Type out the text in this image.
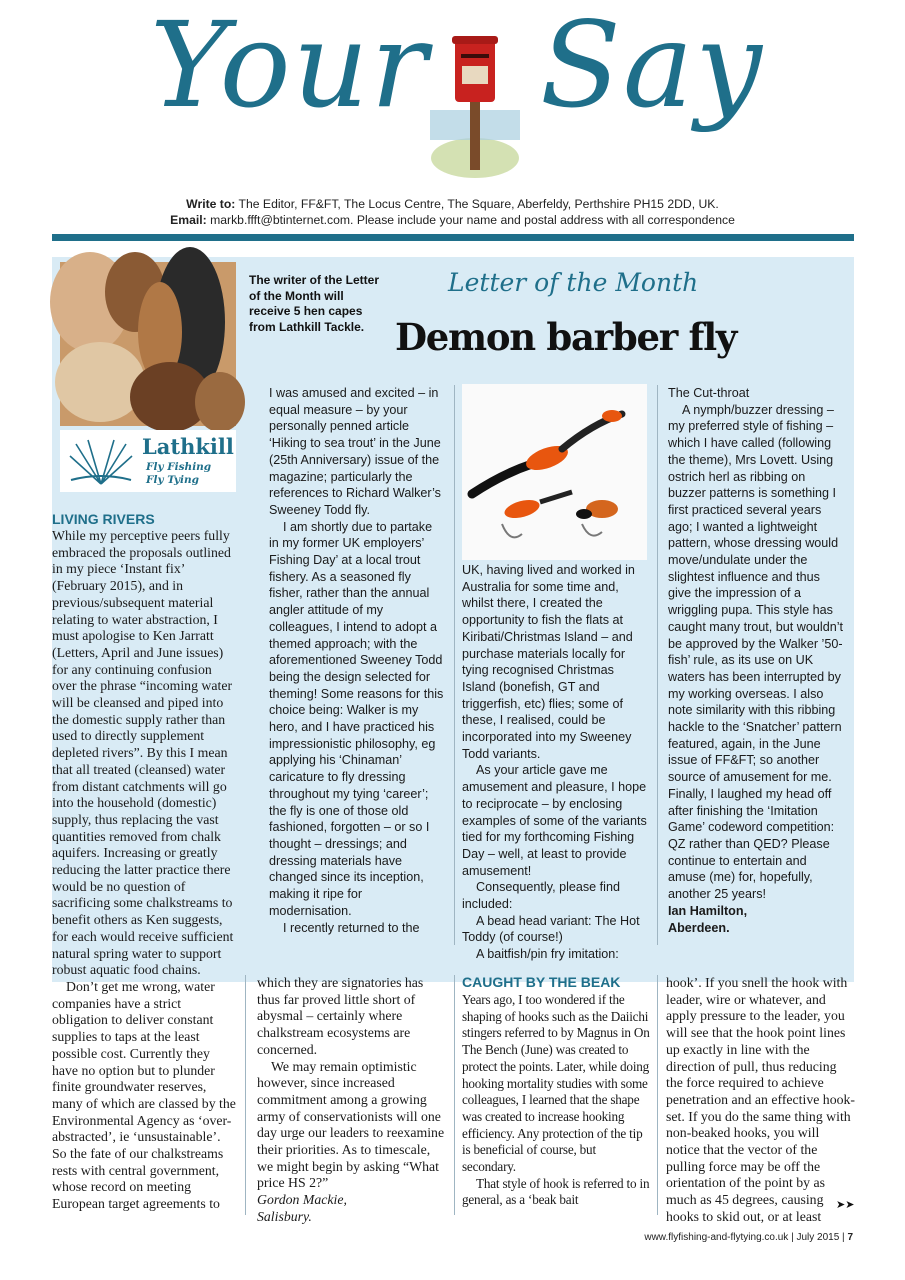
Your Say
Write to: The Editor, FF&FT, The Locus Centre, The Square, Aberfeldy, Perthshire PH15 2DD, UK.
Email: markb.ffft@btinternet.com. Please include your name and postal address with all correspondence
Lathkill
Fly Fishing
Fly Tying
The writer of the Letter of the Month will receive 5 hen capes from Lathkill Tackle.
Letter of the Month
Demon barber fly
I was amused and excited – in equal measure – by your personally penned article ‘Hiking to sea trout’ in the June (25th Anniversary) issue of the magazine; particularly the references to Richard Walker’s Sweeney Todd fly.
I am shortly due to partake in my former UK employers’ Fishing Day’ at a local trout fishery. As a seasoned fly fisher, rather than the annual angler attitude of my colleagues, I intend to adopt a themed approach; with the aforementioned Sweeney Todd being the design selected for theming! Some reasons for this choice being: Walker is my hero, and I have practiced his impressionistic philosophy, eg applying his ‘Chinaman’ caricature to fly dressing throughout my tying ‘career’; the fly is one of those old fashioned, forgotten – or so I thought – dressings; and dressing materials have changed since its inception, making it ripe for modernisation.
I recently returned to the
UK, having lived and worked in Australia for some time and, whilst there, I created the opportunity to fish the flats at Kiribati/Christmas Island – and purchase materials locally for tying recognised Christmas Island (bonefish, GT and triggerfish, etc) flies; some of these, I realised, could be incorporated into my Sweeney Todd variants.
As your article gave me amusement and pleasure, I hope to reciprocate – by enclosing examples of some of the variants tied for my forthcoming Fishing Day – well, at least to provide amusement!
Consequently, please find included:
A bead head variant: The Hot Toddy (of course!)
A baitfish/pin fry imitation:
The Cut-throat
A nymph/buzzer dressing – my preferred style of fishing – which I have called (following the theme), Mrs Lovett. Using ostrich herl as ribbing on buzzer patterns is something I first practiced several years ago; I wanted a lightweight pattern, whose dressing would move/undulate under the slightest influence and thus give the impression of a wriggling pupa. This style has caught many trout, but wouldn’t be approved by the Walker ’50-fish’ rule, as its use on UK waters has been interrupted by my working overseas. I also note similarity with this ribbing hackle to the ‘Snatcher’ pattern featured, again, in the June issue of FF&FT; so another source of amusement for me. Finally, I laughed my head off after finishing the ‘Imitation Game’ codeword competition: QZ rather than QED? Please continue to entertain and amuse (me) for, hopefully, another 25 years!
Ian Hamilton,
Aberdeen.
LIVING RIVERS
While my perceptive peers fully embraced the proposals outlined in my piece ‘Instant fix’ (February 2015), and in previous/subsequent material relating to water abstraction, I must apologise to Ken Jarratt (Letters, April and June issues) for any continuing confusion over the phrase “incoming water will be cleansed and piped into the domestic supply rather than used to directly supplement depleted rivers”. By this I mean that all treated (cleansed) water from distant catchments will go into the household (domestic) supply, thus replacing the vast quantities removed from chalk aquifers. Increasing or greatly reducing the latter practice there would be no question of sacrificing some chalkstreams to benefit others as Ken suggests, for each would receive sufficient natural spring water to support robust aquatic food chains.
Don’t get me wrong, water companies have a strict obligation to deliver constant supplies to taps at the least possible cost. Currently they have no option but to plunder finite groundwater reserves, many of which are classed by the Environmental Agency as ‘over-abstracted’, ie ‘unsustainable’. So the fate of our chalkstreams rests with central government, whose record on meeting European target agreements to
which they are signatories has thus far proved little short of abysmal – certainly where chalkstream ecosystems are concerned.
We may remain optimistic however, since increased commitment among a growing army of conservationists will one day urge our leaders to reexamine their priorities. As to timescale, we might begin by asking “What price HS 2?”
Gordon Mackie,
Salisbury.
CAUGHT BY THE BEAK
Years ago, I too wondered if the shaping of hooks such as the Daiichi stingers referred to by Magnus in On The Bench (June) was created to protect the points. Later, while doing hooking mortality studies with some colleagues, I learned that the shape was created to increase hooking efficiency. Any protection of the tip is beneficial of course, but secondary.
That style of hook is referred to in general, as a ‘beak bait
hook’. If you snell the hook with leader, wire or whatever, and apply pressure to the leader, you will see that the hook point lines up exactly in line with the direction of pull, thus reducing the force required to achieve penetration and an effective hook-set. If you do the same thing with non-beaked hooks, you will notice that the vector of the pulling force may be off the orientation of the point by as much as 45 degrees, causing hooks to skid out, or at least
➤➤
www.flyfishing-and-flytying.co.uk | July 2015 | 7
